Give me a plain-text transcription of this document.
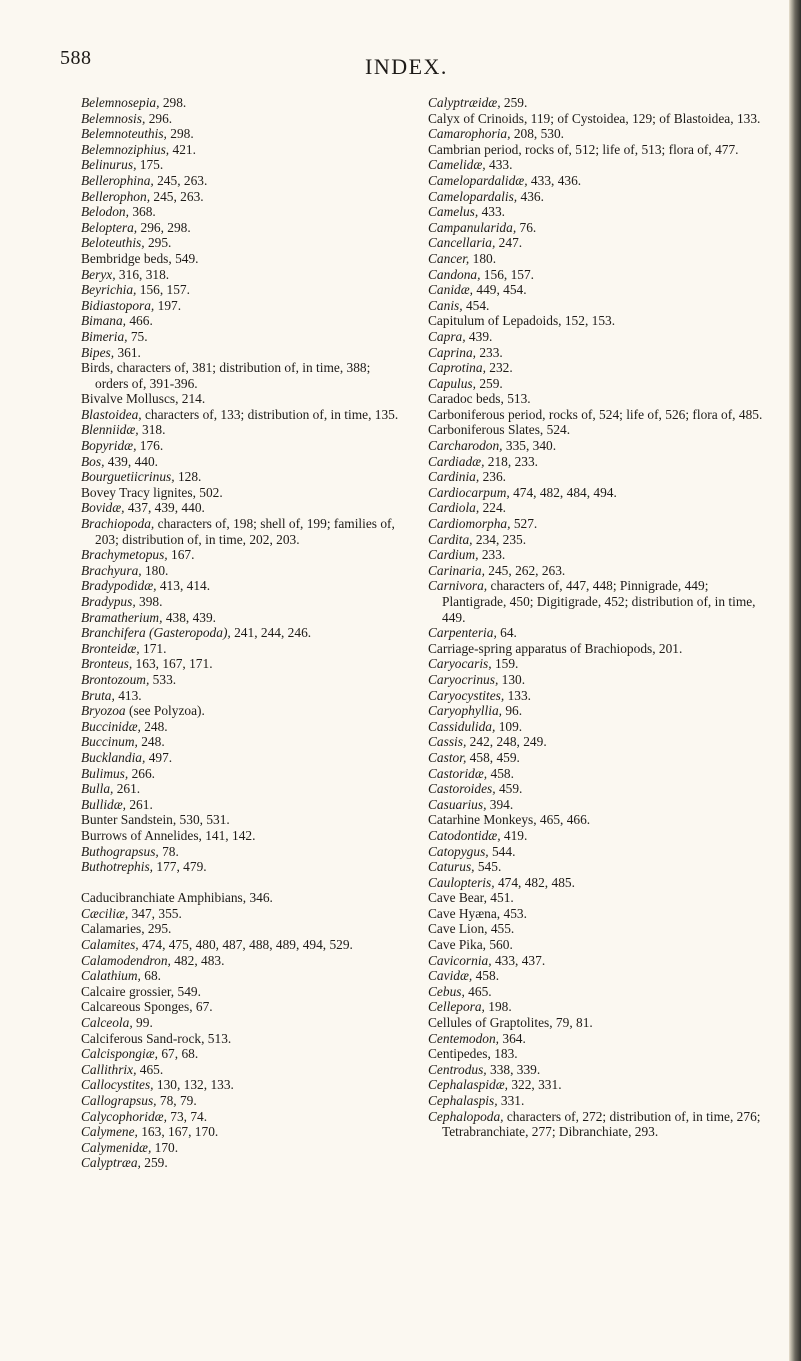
588	INDEX.
Belemnosepia, 298.
Belemnosis, 296.
Belemnoteuthis, 298.
Belemnoziphius, 421.
Belinurus, 175.
Bellerophina, 245, 263.
Bellerophon, 245, 263.
Belodon, 368.
Beloptera, 296, 298.
Beloteuthis, 295.
Bembridge beds, 549.
Beryx, 316, 318.
Beyrichia, 156, 157.
Bidiastopora, 197.
Bimana, 466.
Bimeria, 75.
Bipes, 361.
Birds, characters of, 381; distribution of, in time, 388; orders of, 391-396.
Bivalve Molluscs, 214.
Blastoidea, characters of, 133; distribution of, in time, 135.
Blenniidæ, 318.
Bopyridæ, 176.
Bos, 439, 440.
Bourguetiicrinus, 128.
Bovey Tracy lignites, 502.
Bovidæ, 437, 439, 440.
Brachiopoda, characters of, 198; shell of, 199; families of, 203; distribution of, in time, 202, 203.
Brachymetopus, 167.
Brachyura, 180.
Bradypodidæ, 413, 414.
Bradypus, 398.
Bramatherium, 438, 439.
Branchifera (Gasteropoda), 241, 244, 246.
Bronteidæ, 171.
Bronteus, 163, 167, 171.
Brontozoum, 533.
Bruta, 413.
Bryozoa (see Polyzoa).
Buccinidæ, 248.
Buccinum, 248.
Bucklandia, 497.
Bulimus, 266.
Bulla, 261.
Bullidæ, 261.
Bunter Sandstein, 530, 531.
Burrows of Annelides, 141, 142.
Buthograpsus, 78.
Buthotrephis, 177, 479.
Caducibranchiate Amphibians, 346.
Cæciliæ, 347, 355.
Calamaries, 295.
Calamites, 474, 475, 480, 487, 488, 489, 494, 529.
Calamodendron, 482, 483.
Calathium, 68.
Calcaire grossier, 549.
Calcareous Sponges, 67.
Calceola, 99.
Calciferous Sand-rock, 513.
Calcispongiæ, 67, 68.
Callithrix, 465.
Callocystites, 130, 132, 133.
Callograpsus, 78, 79.
Calycophoridæ, 73, 74.
Calymene, 163, 167, 170.
Calymenidæ, 170.
Calyptræa, 259.
Calyptræidæ, 259.
Calyx of Crinoids, 119; of Cystoidea, 129; of Blastoidea, 133.
Camarophoria, 208, 530.
Cambrian period, rocks of, 512; life of, 513; flora of, 477.
Camelidæ, 433.
Camelopardalidæ, 433, 436.
Camelopardalis, 436.
Camelus, 433.
Campanularida, 76.
Cancellaria, 247.
Cancer, 180.
Candona, 156, 157.
Canidæ, 449, 454.
Canis, 454.
Capitulum of Lepadoids, 152, 153.
Capra, 439.
Caprina, 233.
Caprotina, 232.
Capulus, 259.
Caradoc beds, 513.
Carboniferous period, rocks of, 524; life of, 526; flora of, 485.
Carboniferous Slates, 524.
Carcharodon, 335, 340.
Cardiadæ, 218, 233.
Cardinia, 236.
Cardiocarpum, 474, 482, 484, 494.
Cardiola, 224.
Cardiomorpha, 527.
Cardita, 234, 235.
Cardium, 233.
Carinaria, 245, 262, 263.
Carnivora, characters of, 447, 448; Pinnigrade, 449; Plantigrade, 450; Digitigrade, 452; distribution of, in time, 449.
Carpenteria, 64.
Carriage-spring apparatus of Brachiopods, 201.
Caryocaris, 159.
Caryocrinus, 130.
Caryocystites, 133.
Caryophyllia, 96.
Cassidulida, 109.
Cassis, 242, 248, 249.
Castor, 458, 459.
Castoridæ, 458.
Castoroides, 459.
Casuarius, 394.
Catarhine Monkeys, 465, 466.
Catodontidæ, 419.
Catopygus, 544.
Caturus, 545.
Caulopteris, 474, 482, 485.
Cave Bear, 451.
Cave Hyæna, 453.
Cave Lion, 455.
Cave Pika, 560.
Cavicornia, 433, 437.
Cavidæ, 458.
Cebus, 465.
Cellepora, 198.
Cellules of Graptolites, 79, 81.
Centemodon, 364.
Centipedes, 183.
Centrodus, 338, 339.
Cephalaspidæ, 322, 331.
Cephalaspis, 331.
Cephalopoda, characters of, 272; distribution of, in time, 276; Tetrabranchiate, 277; Dibranchiate, 293.
